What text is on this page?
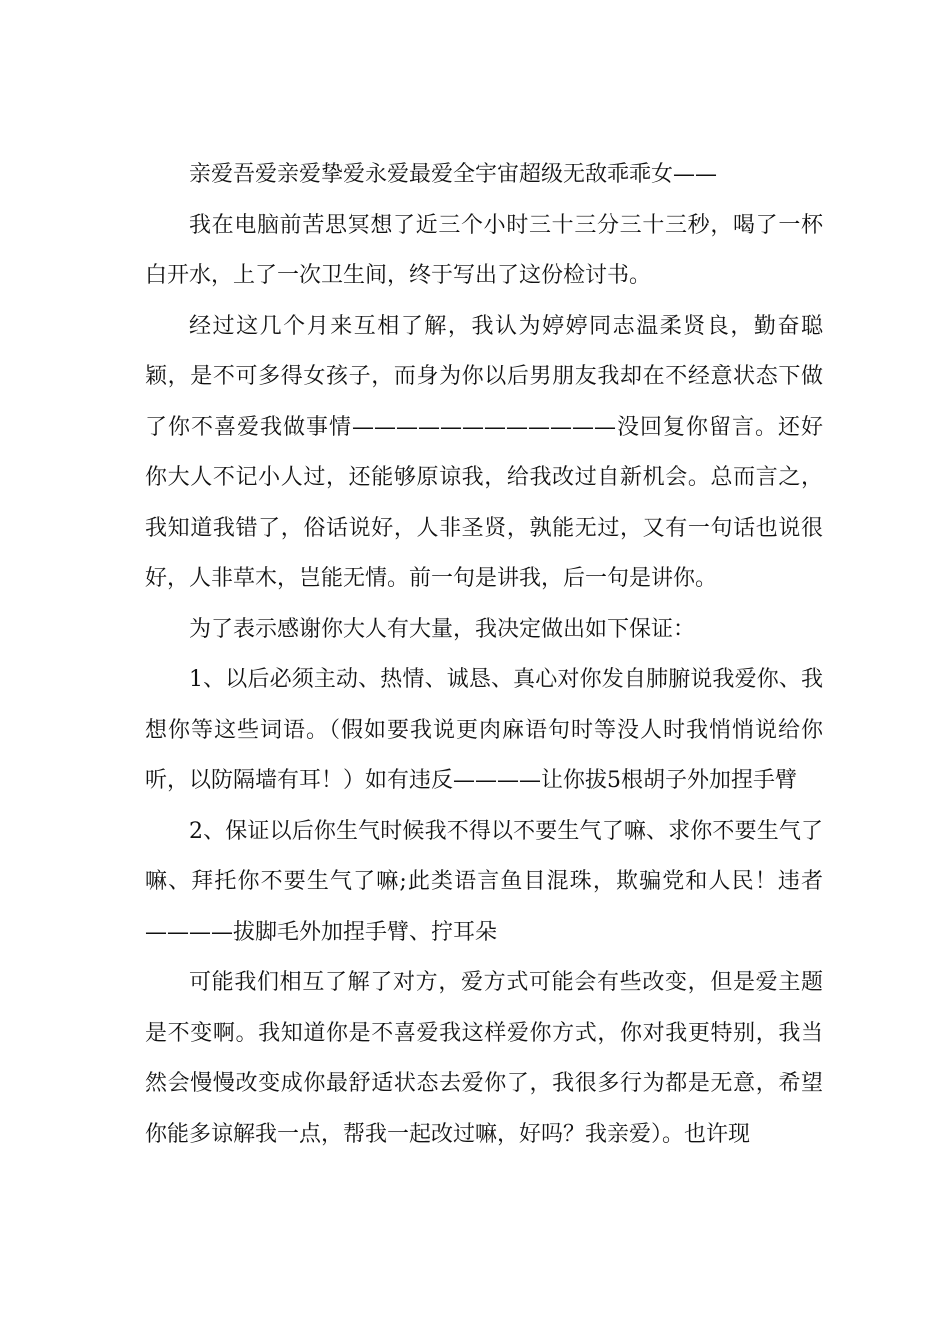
亲爱吾爱亲爱挚爱永爱最爱全宇宙超级无敌乖乖女——

我在电脑前苦思冥想了近三个小时三十三分三十三秒，喝了一杯白开水，上了一次卫生间，终于写出了这份检讨书。

经过这几个月来互相了解，我认为婷婷同志温柔贤良，勤奋聪颖，是不可多得女孩子，而身为你以后男朋友我却在不经意状态下做了你不喜爱我做事情————————————没回复你留言。还好你大人不记小人过，还能够原谅我，给我改过自新机会。总而言之，我知道我错了，俗话说好，人非圣贤，孰能无过，又有一句话也说很好，人非草木，岂能无情。前一句是讲我，后一句是讲你。

为了表示感谢你大人有大量，我决定做出如下保证：

1、以后必须主动、热情、诚恳、真心对你发自肺腑说我爱你、我想你等这些词语。（假如要我说更肉麻语句时等没人时我悄悄说给你听，以防隔墙有耳！）如有违反————让你拔5根胡子外加捏手臂

2、保证以后你生气时候我不得以不要生气了嘛、求你不要生气了嘛、拜托你不要生气了嘛;此类语言鱼目混珠，欺骗党和人民！违者————拔脚毛外加捏手臂、拧耳朵

可能我们相互了解了对方，爱方式可能会有些改变，但是爱主题是不变啊。我知道你是不喜爱我这样爱你方式，你对我更特别，我当然会慢慢改变成你最舒适状态去爱你了，我很多行为都是无意，希望你能多谅解我一点，帮我一起改过嘛，好吗？我亲爱）。也许现
